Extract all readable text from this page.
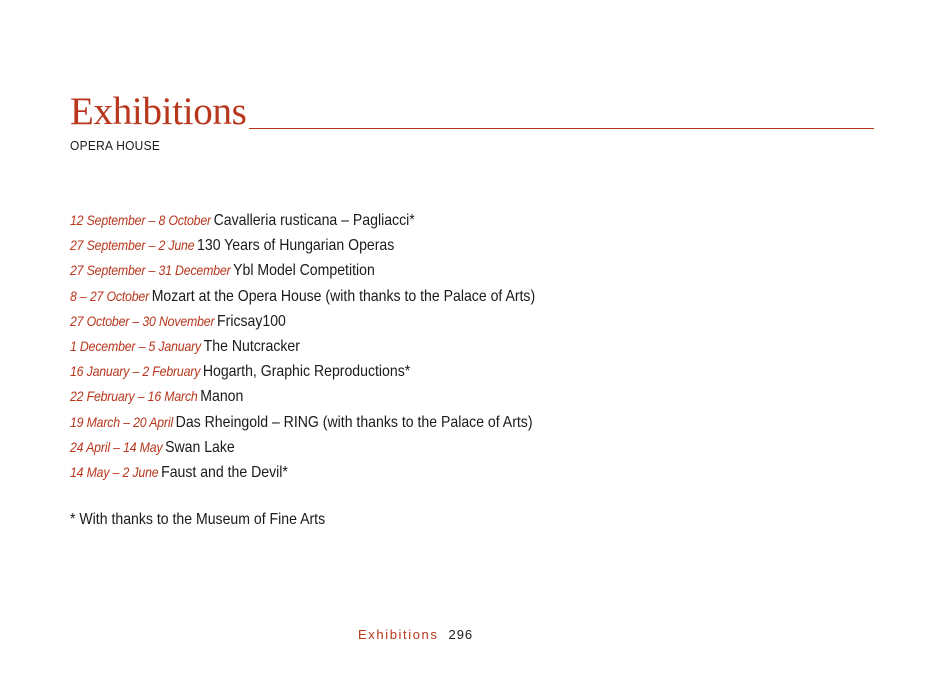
Exhibitions
OPERA HOUSE
12 September – 8 October Cavalleria rusticana – Pagliacci*
27 September – 2 June 130 Years of Hungarian Operas
27 September – 31 December Ybl Model Competition
8 – 27 October Mozart at the Opera House (with thanks to the Palace of Arts)
27 October – 30 November Fricsay100
1 December – 5 January The Nutcracker
16 January – 2 February Hogarth, Graphic Reproductions*
22 February – 16 March Manon
19 March – 20 April Das Rheingold – RING (with thanks to the Palace of Arts)
24 April – 14 May Swan Lake
14 May – 2 June Faust and the Devil*
* With thanks to the Museum of Fine Arts
Exhibitions 296
